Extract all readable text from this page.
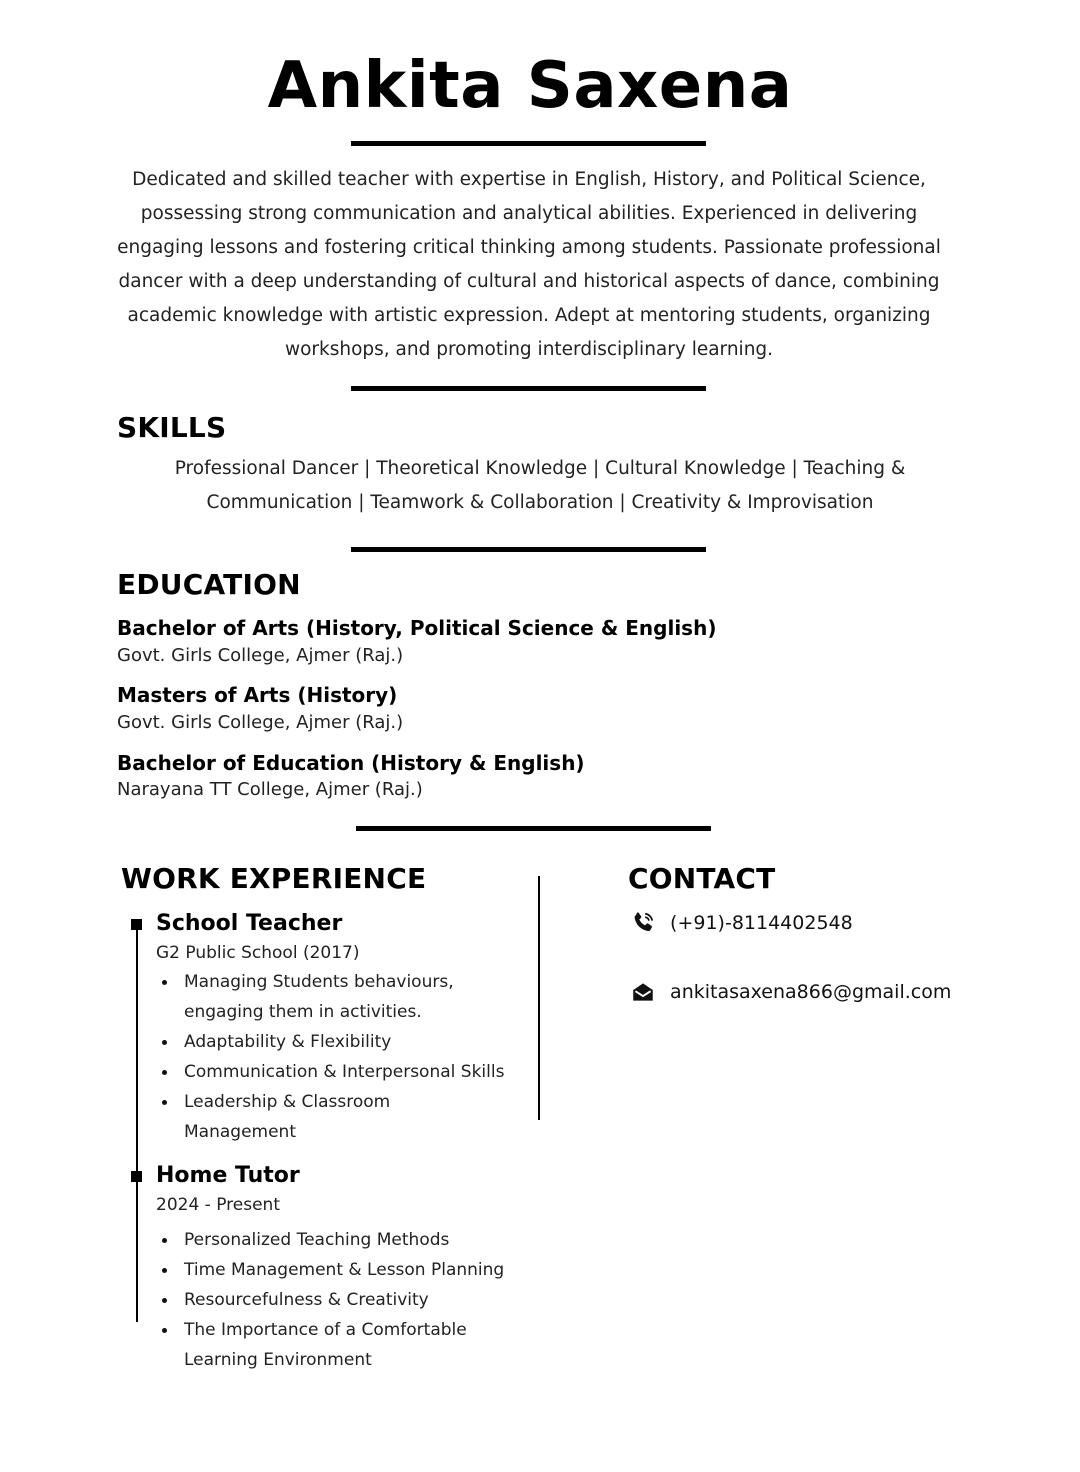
Ankita Saxena
Dedicated and skilled teacher with expertise in English, History, and Political Science, possessing strong communication and analytical abilities. Experienced in delivering engaging lessons and fostering critical thinking among students. Passionate professional dancer with a deep understanding of cultural and historical aspects of dance, combining academic knowledge with artistic expression. Adept at mentoring students, organizing workshops, and promoting interdisciplinary learning.
SKILLS
Professional Dancer | Theoretical Knowledge | Cultural Knowledge | Teaching & Communication | Teamwork & Collaboration | Creativity & Improvisation
EDUCATION
Bachelor of Arts (History, Political Science & English)
Govt. Girls College, Ajmer (Raj.)
Masters of Arts (History)
Govt. Girls College, Ajmer (Raj.)
Bachelor of Education (History & English)
Narayana TT College, Ajmer (Raj.)
WORK EXPERIENCE
School Teacher
G2 Public School (2017)
Managing Students behaviours, engaging them in activities.
Adaptability & Flexibility
Communication & Interpersonal Skills
Leadership & Classroom Management
Home Tutor
2024 - Present
Personalized Teaching Methods
Time Management & Lesson Planning
Resourcefulness & Creativity
The Importance of a Comfortable Learning Environment
CONTACT
(+91)-8114402548
ankitasaxena866@gmail.com
